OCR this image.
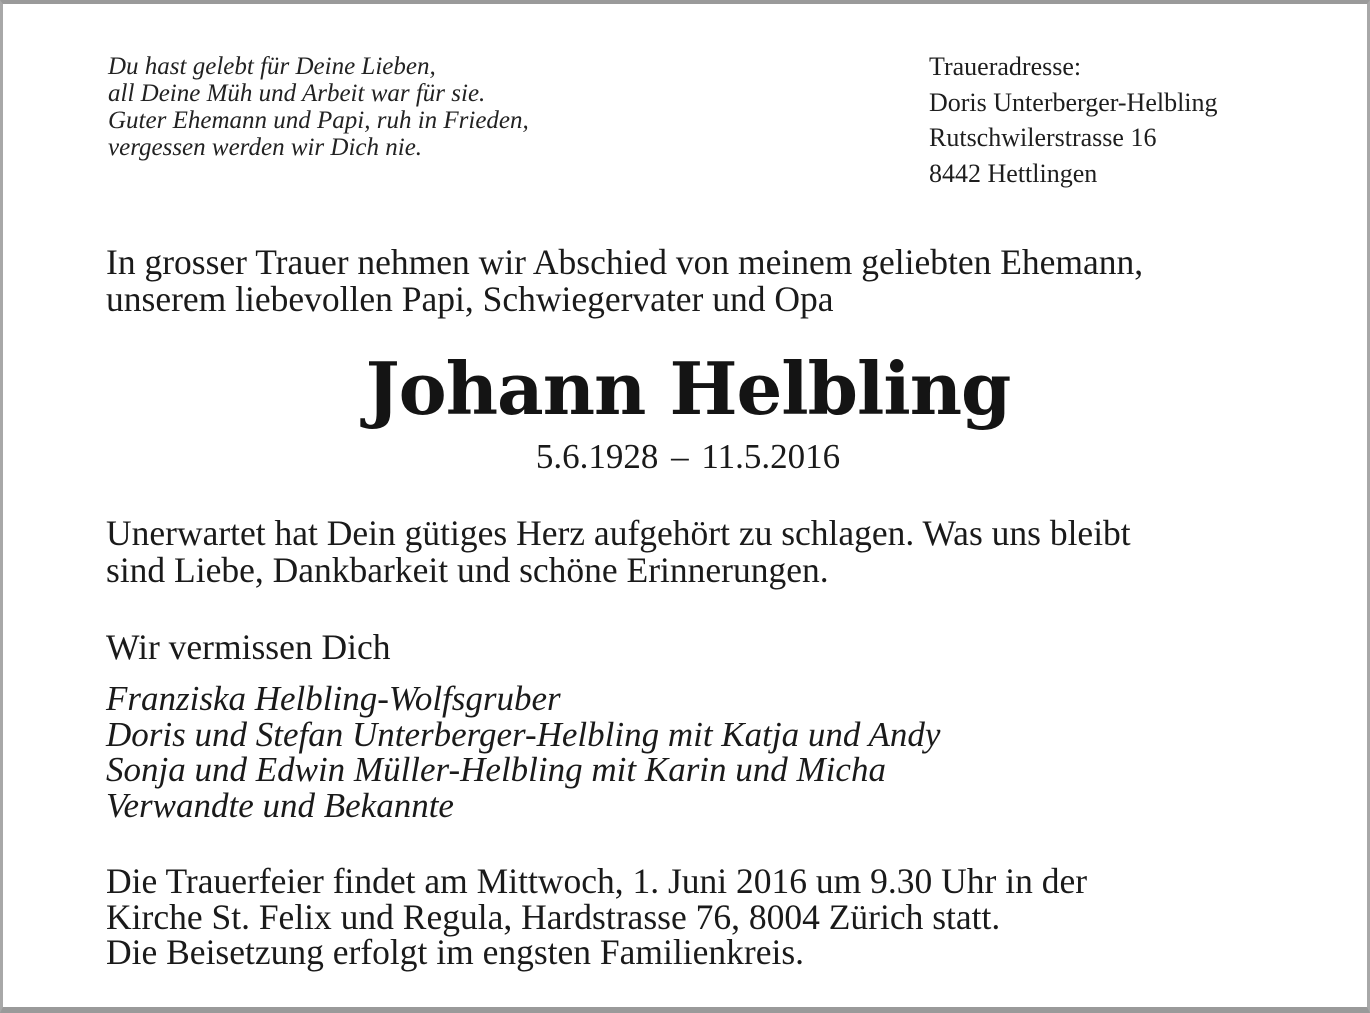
Du hast gelebt für Deine Lieben,
all Deine Müh und Arbeit war für sie.
Guter Ehemann und Papi, ruh in Frieden,
vergessen werden wir Dich nie.
Traueradresse:
Doris Unterberger-Helbling
Rutschwilerstrasse 16
8442 Hettlingen
In grosser Trauer nehmen wir Abschied von meinem geliebten Ehemann,
unserem liebevollen Papi, Schwiegervater und Opa
Johann Helbling
5.6.1928 – 11.5.2016
Unerwartet hat Dein gütiges Herz aufgehört zu schlagen. Was uns bleibt
sind Liebe, Dankbarkeit und schöne Erinnerungen.
Wir vermissen Dich
Franziska Helbling-Wolfsgruber
Doris und Stefan Unterberger-Helbling mit Katja und Andy
Sonja und Edwin Müller-Helbling mit Karin und Micha
Verwandte und Bekannte
Die Trauerfeier findet am Mittwoch, 1. Juni 2016 um 9.30 Uhr in der
Kirche St. Felix und Regula, Hardstrasse 76, 8004 Zürich statt.
Die Beisetzung erfolgt im engsten Familienkreis.
